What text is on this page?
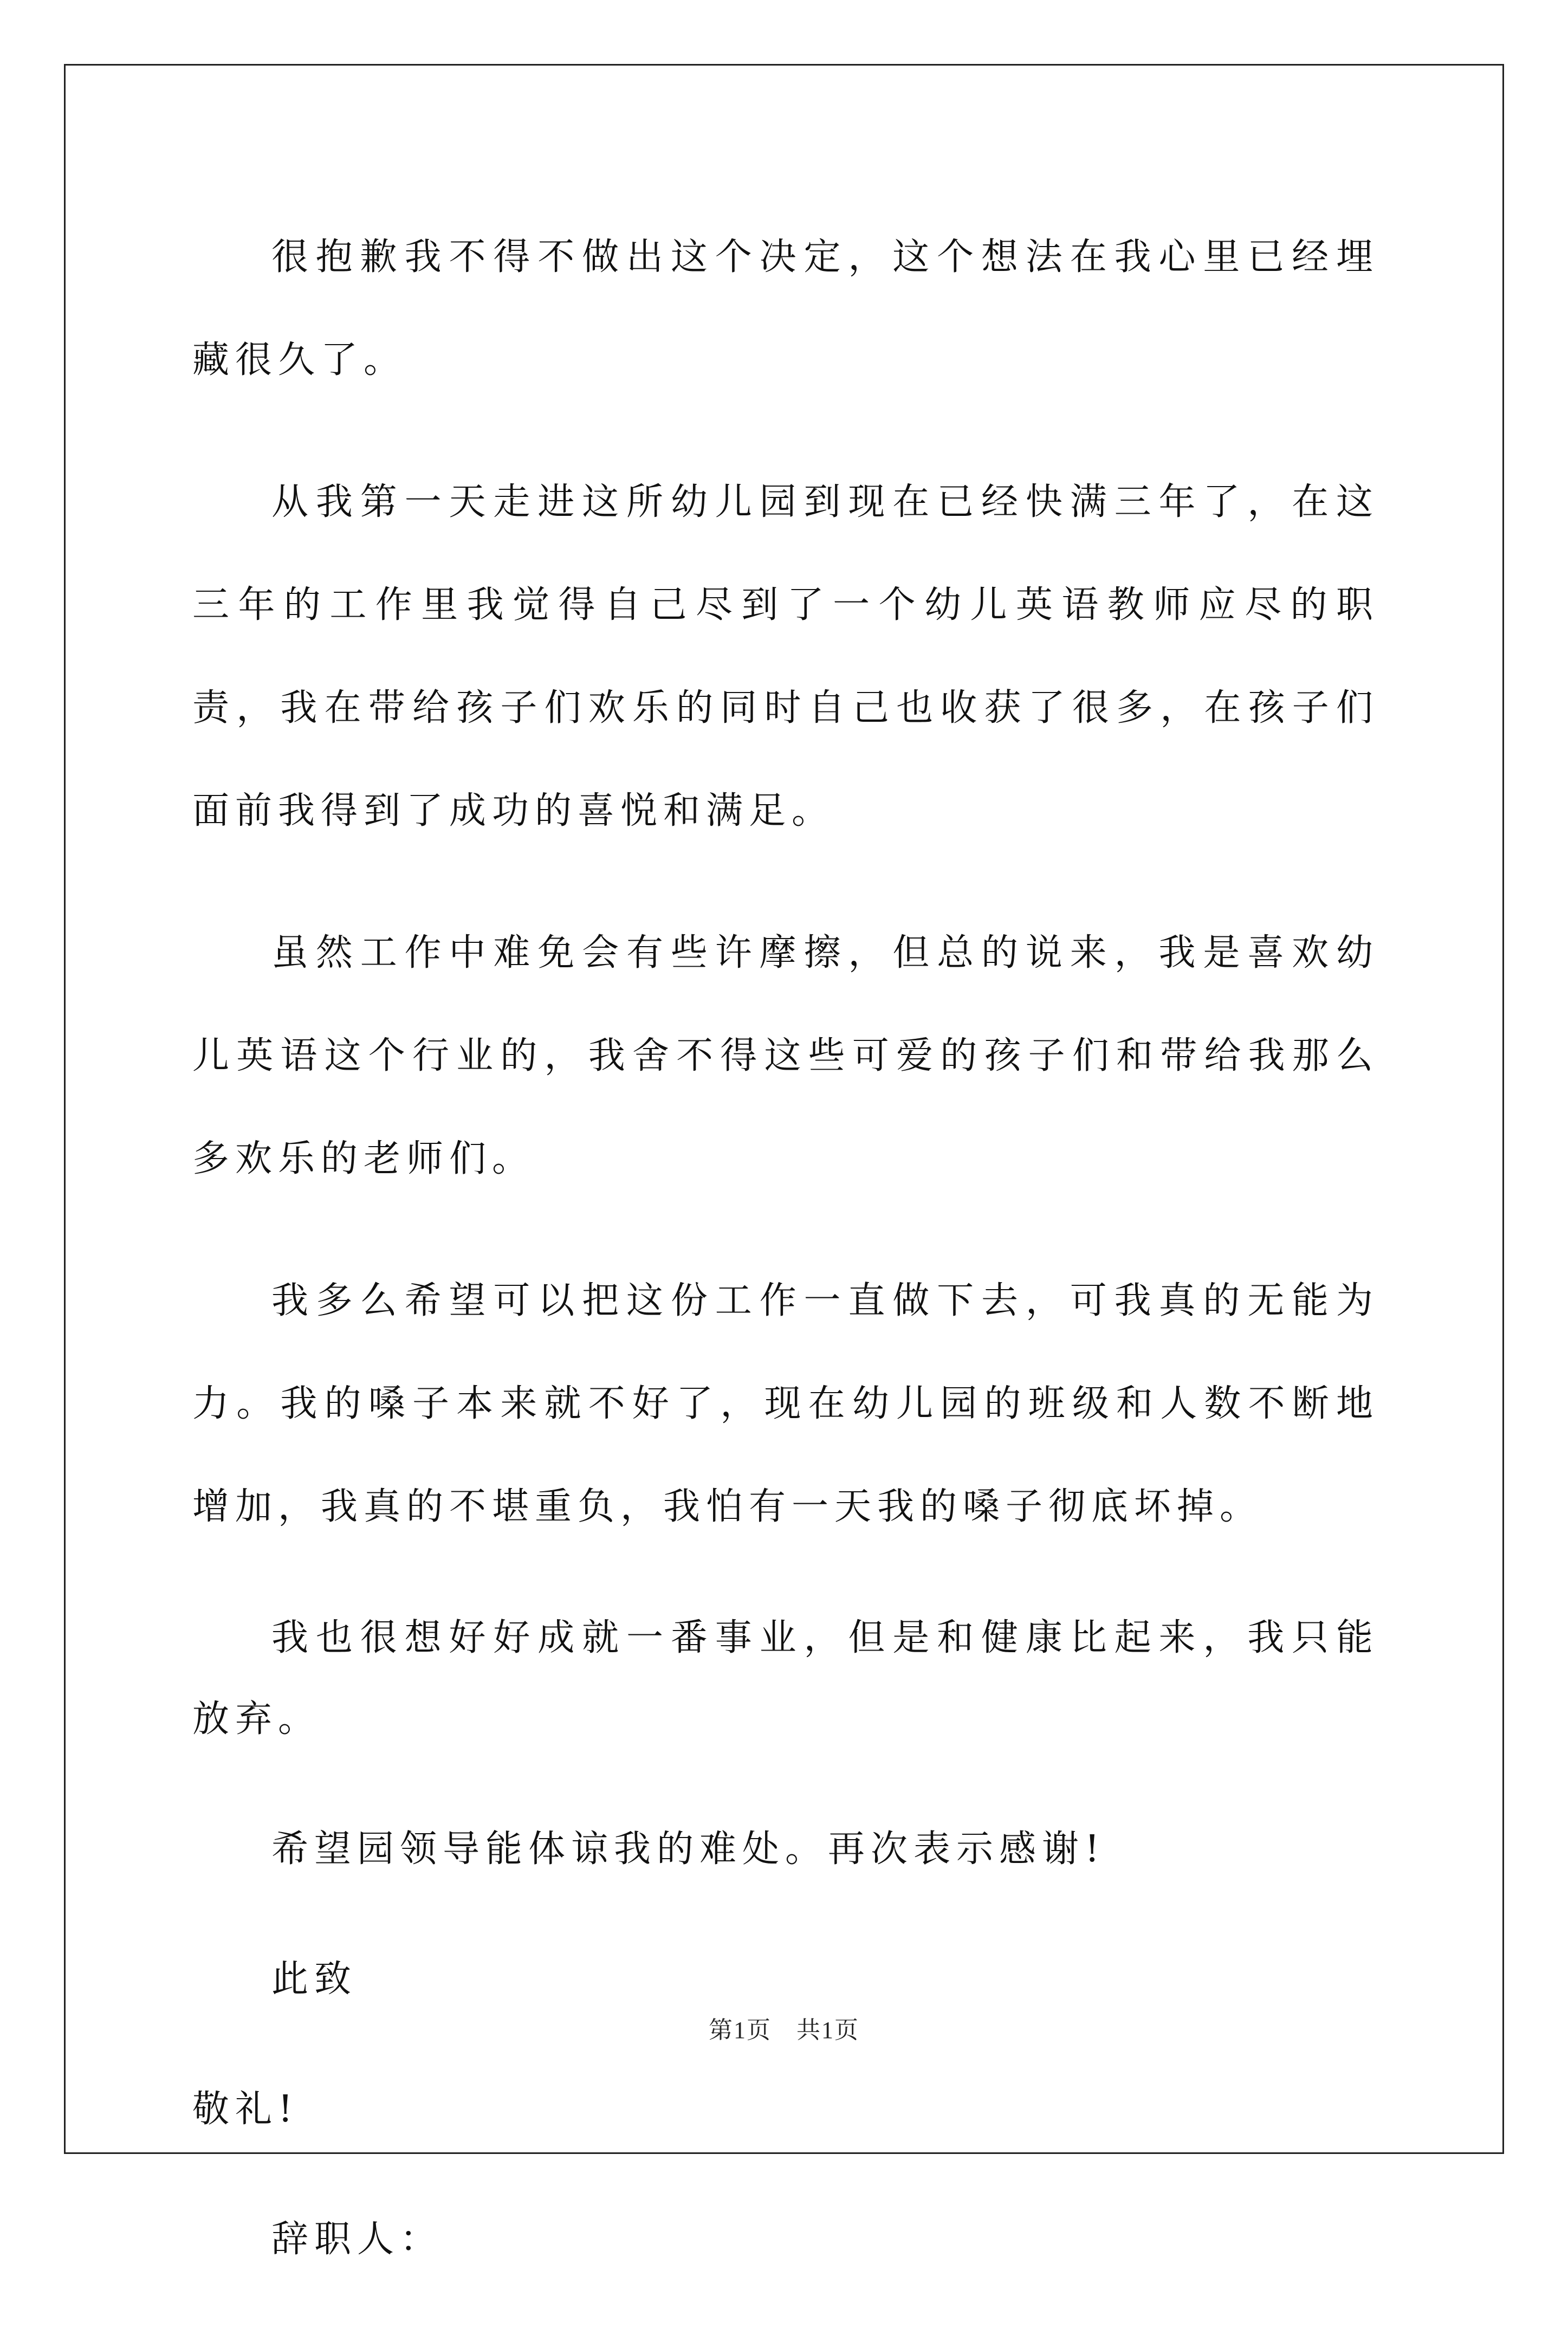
很抱歉我不得不做出这个决定，这个想法在我心里已经埋藏很久了。

从我第一天走进这所幼儿园到现在已经快满三年了，在这三年的工作里我觉得自己尽到了一个幼儿英语教师应尽的职责，我在带给孩子们欢乐的同时自己也收获了很多，在孩子们面前我得到了成功的喜悦和满足。

虽然工作中难免会有些许摩擦，但总的说来，我是喜欢幼儿英语这个行业的，我舍不得这些可爱的孩子们和带给我那么多欢乐的老师们。

我多么希望可以把这份工作一直做下去，可我真的无能为力。我的嗓子本来就不好了，现在幼儿园的班级和人数不断地增加，我真的不堪重负，我怕有一天我的嗓子彻底坏掉。

我也很想好好成就一番事业，但是和健康比起来，我只能放弃。

希望园领导能体谅我的难处。再次表示感谢!

此致

敬礼!

辞职人：

第1页　共1页
